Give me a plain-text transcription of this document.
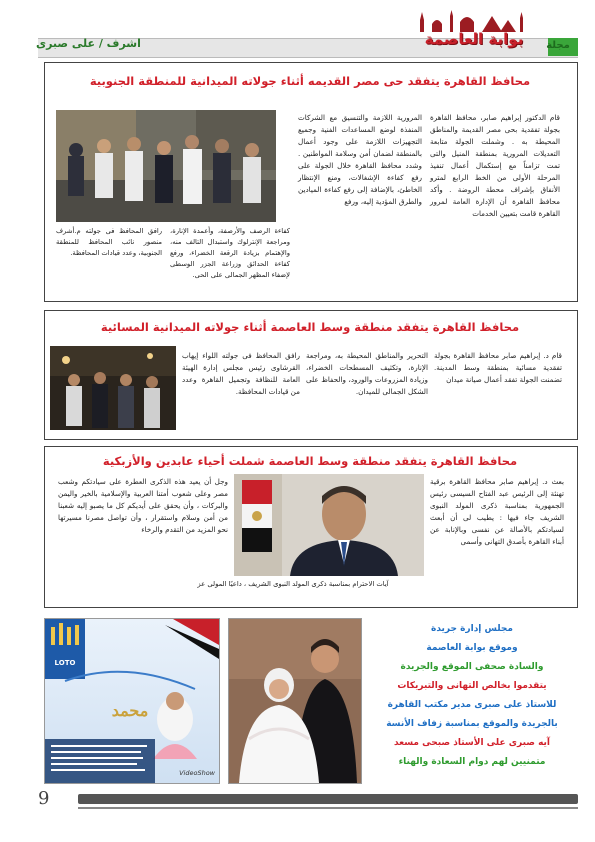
مجلة
بوابة العاصمة
اشرف / على صبرى
محافظ القاهرة يتفقد حى مصر القديمه أثناء جولاته الميدانية للمنطقة الجنوبية
قام الدكتور إبراهيم صابر، محافظ القاهرة بجولة تفقدية بحى مصر القديمة والمناطق المحيطة به . وشملت الجولة متابعة التعديلات المرورية بمنطقة المنيل والتى تمت تزامناً مع إستكمال أعمال تنفيذ المرحلة الأولى من الخط الرابع لمترو الأنفاق بإشراف محطة الروضة . وأكد محافظ القاهرة أن الإدارة العامة لمرور القاهرة قامت بتعيين الخدمات
المرورية اللازمة والتنسيق مع الشركات المنفذة لوضع المساعدات الفنية وجميع التجهيزات اللازمة على وجود أعمال بالمنطقة لضمان أمن وسلامة المواطنين . وشدد محافظ القاهرة خلال الجولة على رفع كفاءة الإشغالات، ومنع الإنتظار الخاطئ، بالإضافة إلى رفع كفاءة الميادين والطرق المؤدية إليه، ورفع
كفاءة الرصف والأرصفة، وأعمدة الإنارة، ومراجعة الإنترلوك واستبدال التالف منه، والإهتمام بزيادة الرقعة الخضراء، ورفع كفاءة الحدائق وزراعة الجزر الوسطى لإضفاء المظهر الجمالى على الحى.
رافق المحافظ فى جولته م.أشرف منصور نائب المحافظ للمنطقة الجنوبية، وعدد قيادات المحافظة.
محافظ القاهرة يتفقد منطقة وسط العاصمة أثناء جولاته الميدانية المسائية
قام د. إبراهيم صابر محافظ القاهرة بجولة تفقدية مسائية بمنطقة وسط المدينة. تضمنت الجولة تفقد أعمال صيانة ميدان
التحرير والمناطق المحيطة به، ومراجعة الإنارة، وتكثيف المسطحات الخضراء، وزيادة المزروعات والورود، والحفاظ على الشكل الجمالى للميدان.
رافق المحافظ فى جولته اللواء إيهاب القرشاوى رئيس مجلس إدارة الهيئة العامة للنظافة وتجميل القاهرة وعدد من قيادات المحافظة.
محافظ القاهرة يتفقد منطقة وسط العاصمة شملت أحياء عابدين والأزبكية
بعث د. إبراهيم صابر محافظ القاهرة برقية تهنئة إلى الرئيس عبد الفتاح السيسى رئيس الجمهورية بمناسبة ذكرى المولد النبوى الشريف جاء فيها : يطيب لى أن أبعث لسيادتكم بالأصالة عن نفسى وبالإنابة عن أبناء القاهرة بأصدق التهانى وأسمى
آيات الاحترام بمناسبة ذكرى المولد النبوى الشريف ، داعيًا المولى عز
وجل أن يعيد هذه الذكرى العطرة على سيادتكم وشعب مصر وعلى شعوب أمتنا العربية والإسلامية بالخير واليمن والبركات ، وأن يحقق على أيديكم كل ما يصبو إليه شعبنا من أمن وسلام واستقرار ، وأن تواصل مصرنا مسيرتها نحو المزيد من التقدم والرخاء
LOTO
محمد
VideoShow
مجلس إدارة جريدة
وموقع بوابة العاصمة
والسادة صحفى الموقع والجريدة
يتقدموا بخالص التهانى والتبريكات
للاستاذ على صبرى مدير مكتب القاهرة
بالجريدة والموقع بمناسبة زفاف الأنسة
آيه صبرى على الأستاذ صبحى مسعد
متمنيين لهم دوام السعادة والهناء
9
